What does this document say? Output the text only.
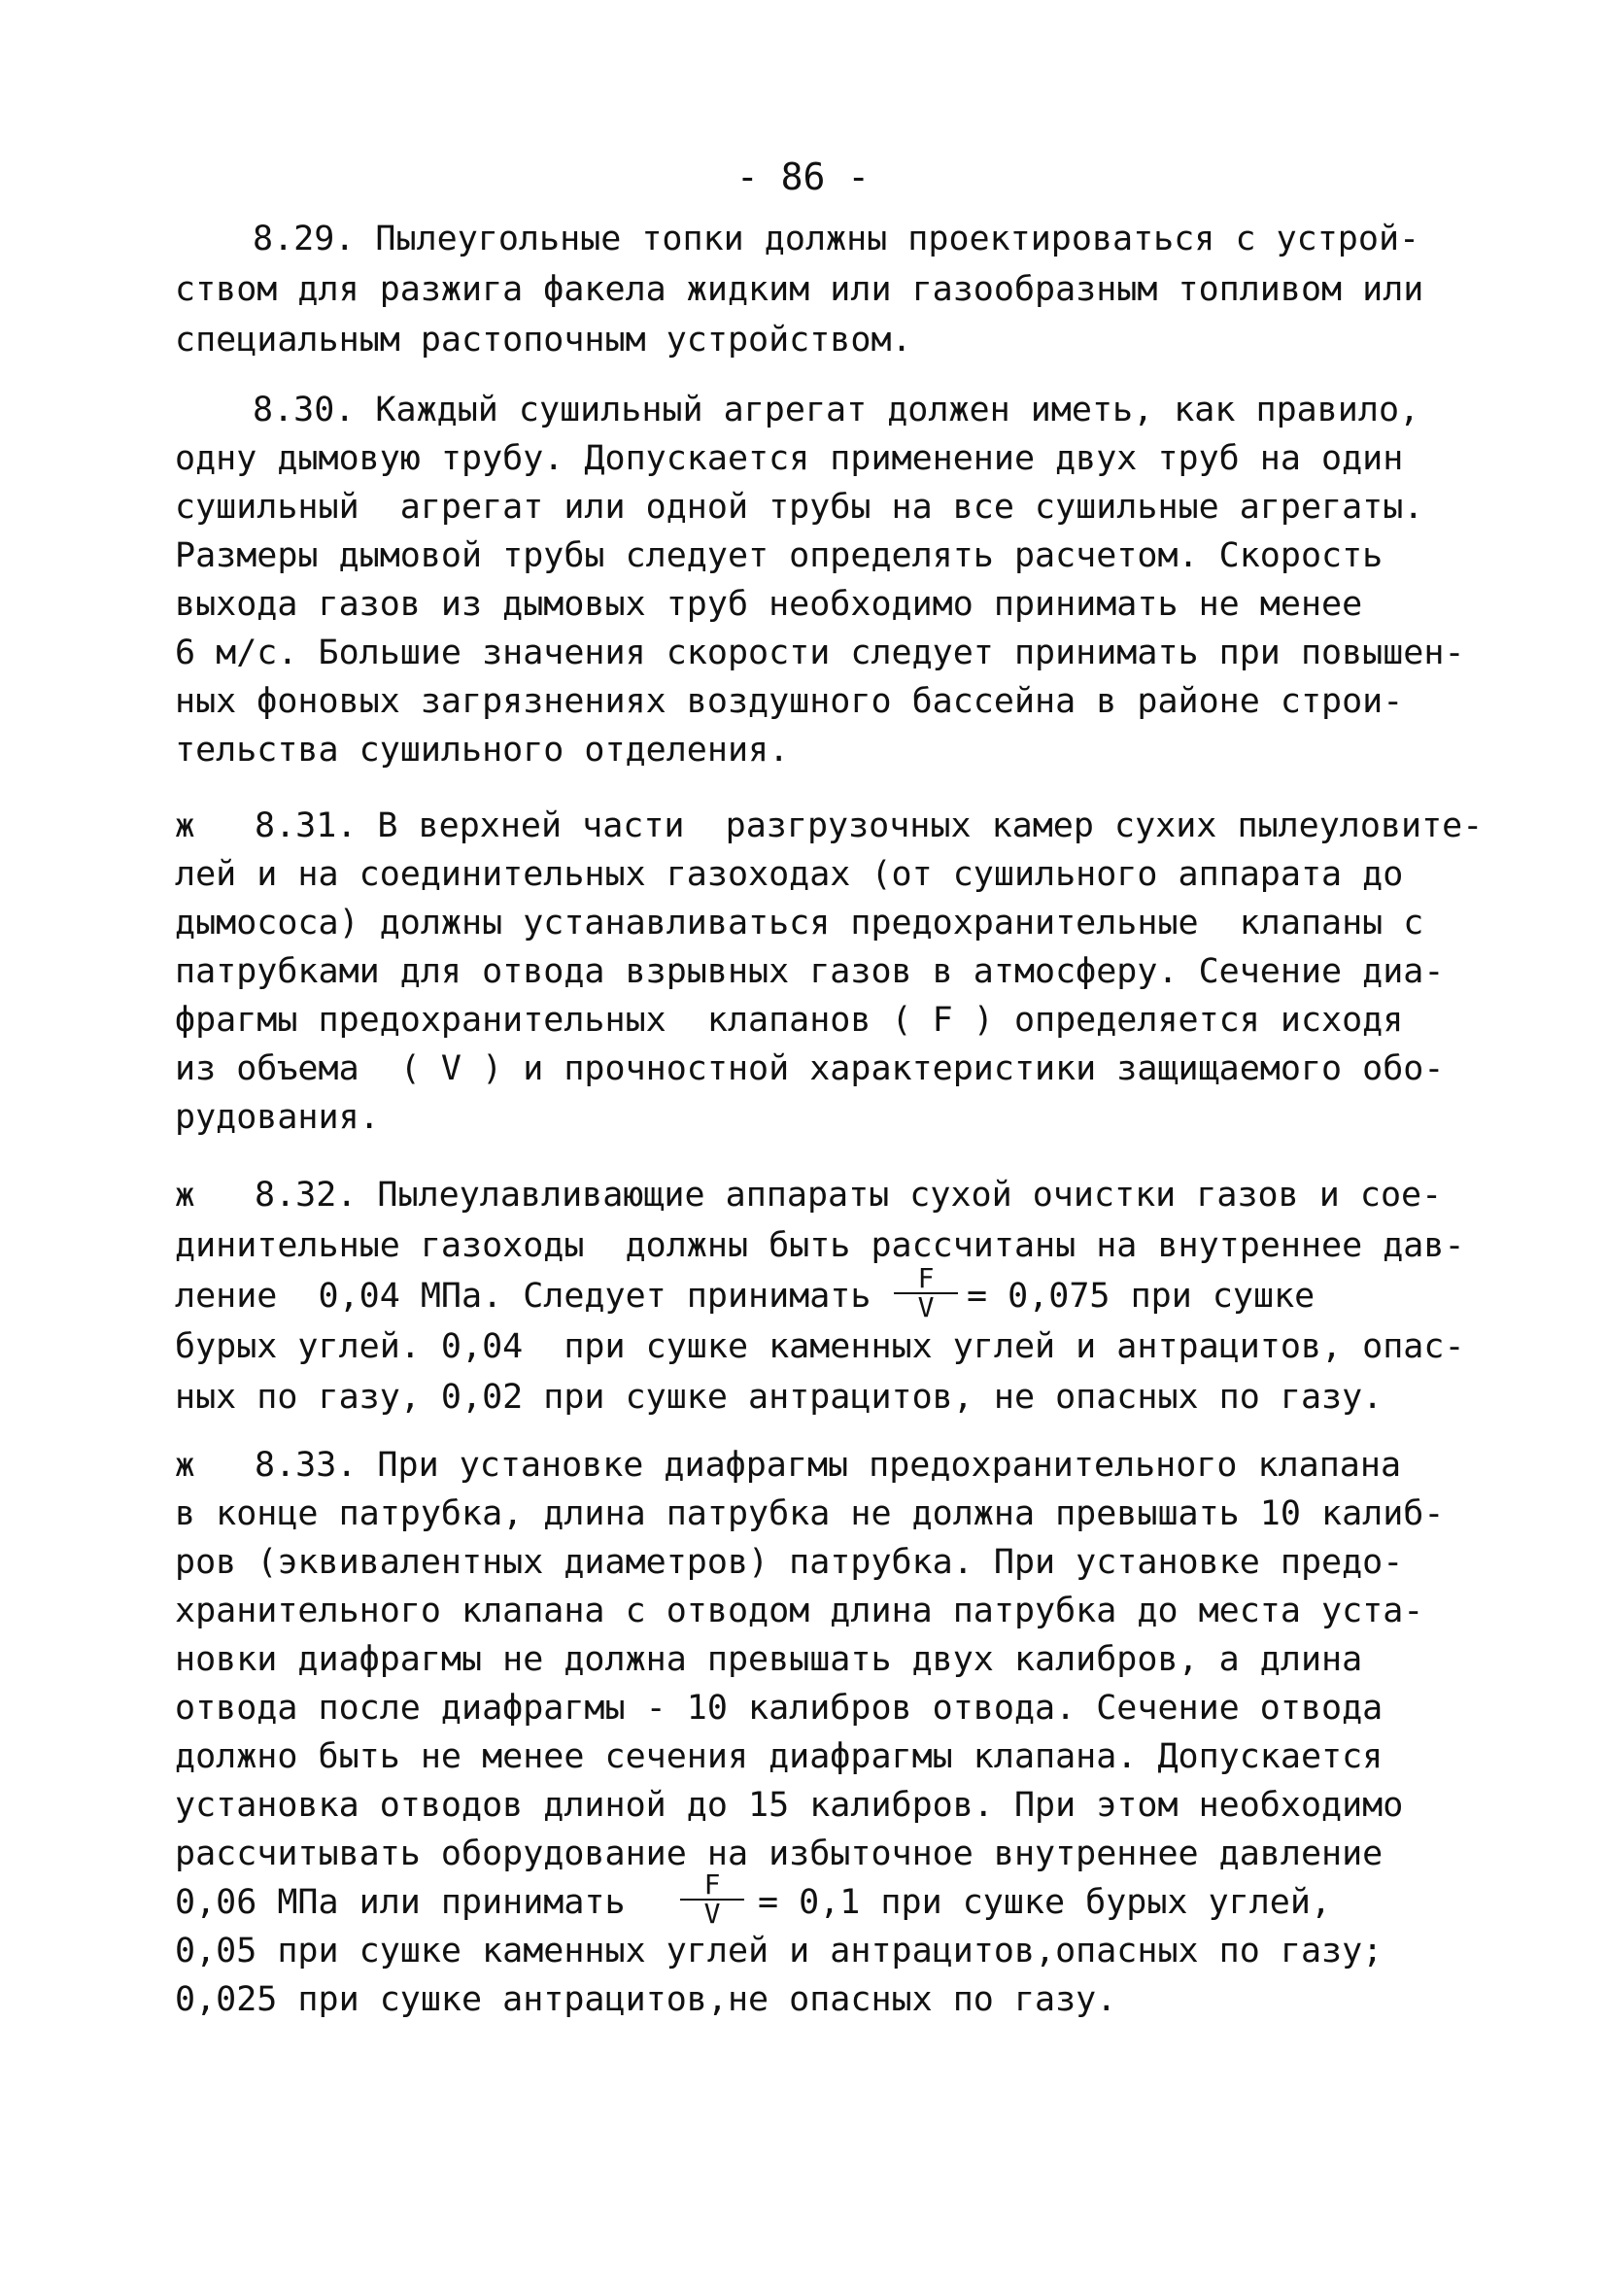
- 86 -
8.29. Пылеугольные топки должны проектироваться с устрой-
ством для разжига факела жидким или газообразным топливом или
специальным растопочным устройством.
8.30. Каждый сушильный агрегат должен иметь, как правило,
одну дымовую трубу. Допускается применение двух труб на один
сушильный  агрегат или одной трубы на все сушильные агрегаты.
Размеры дымовой трубы следует определять расчетом. Скорость
выхода газов из дымовых труб необходимо принимать не менее
6 м/с. Большие значения скорости следует принимать при повышен-
ных фоновых загрязнениях воздушного бассейна в районе строи-
тельства сушильного отделения.
ж 8.31. В верхней части  разгрузочных камер сухих пылеуловите-
лей и на соединительных газоходах (от сушильного аппарата до
дымососа) должны устанавливаться предохранительные  клапаны с
патрубками для отвода взрывных газов в атмосферу. Сечение диа-
фрагмы предохранительных  клапанов ( F ) определяется исходя
из объема  ( V ) и прочностной характеристики защищаемого обо-
рудования.
ж 8.32. Пылеулавливающие аппараты сухой очистки газов и сое-
динительные газоходы  должны быть рассчитаны на внутреннее дав-
ление  0,04 МПа. Следует принимать	F
V = 0,075 при сушке
бурых углей. 0,04  при сушке каменных углей и антрацитов, опас-
ных по газу, 0,02 при сушке антрацитов, не опасных по газу.
ж 8.33. При установке диафрагмы предохранительного клапана
в конце патрубка, длина патрубка не должна превышать 10 калиб-
ров (эквивалентных диаметров) патрубка. При установке предо-
хранительного клапана с отводом длина патрубка до места уста-
новки диафрагмы не должна превышать двух калибров, а длина
отвода после диафрагмы - 10 калибров отвода. Сечение отвода
должно быть не менее сечения диафрагмы клапана. Допускается
установка отводов длиной до 15 калибров. При этом необходимо
рассчитывать оборудование на избыточное внутреннее давление
0,06 МПа или принимать	F
V	= 0,1 при сушке бурых углей,
0,05 при сушке каменных углей и антрацитов,опасных по газу;
0,025 при сушке антрацитов,не опасных по газу.
